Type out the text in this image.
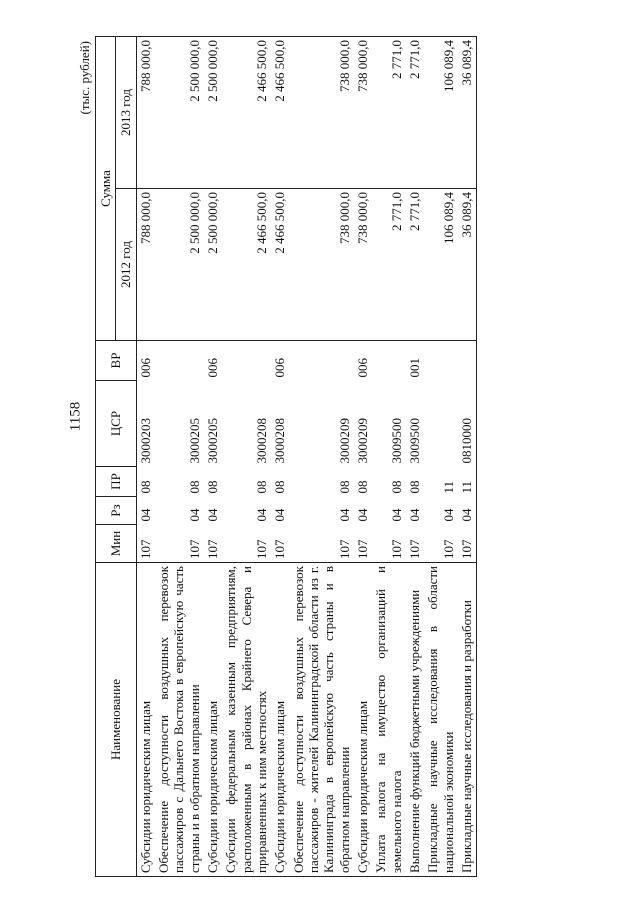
1158
(тыс. рублей)
Наименование	Мин	Рз	ПР	ЦСР	ВР	Сумма	
						2012 год	2013 год
Субсидии юридическим лицам	107	04	08	3000203	006	788 000,0	788 000,0
Обеспечение доступности воздушных перевозок пассажиров с Дальнего Востока в европейскую часть страны и в обратном направлении	107	04	08	3000205		2 500 000,0	2 500 000,0
Субсидии юридическим лицам	107	04	08	3000205	006	2 500 000,0	2 500 000,0
Субсидии федеральным казенным предприятиям, расположенным в районах Крайнего Севера и приравненных к ним местностях	107	04	08	3000208		2 466 500,0	2 466 500,0
Субсидии юридическим лицам	107	04	08	3000208	006	2 466 500,0	2 466 500,0
Обеспечение доступности воздушных перевозок пассажиров - жителей Калининградской области из г. Калининграда в европейскую часть страны и в обратном направлении	107	04	08	3000209		738 000,0	738 000,0
Субсидии юридическим лицам	107	04	08	3000209	006	738 000,0	738 000,0
Уплата налога на имущество организаций и земельного налога	107	04	08	3009500		2 771,0	2 771,0
Выполнение функций бюджетными учреждениями	107	04	08	3009500	001	2 771,0	2 771,0
Прикладные научные исследования в области национальной экономики	107	04	11			106 089,4	106 089,4
Прикладные научные исследования и разработки	107	04	11	0810000		36 089,4	36 089,4
